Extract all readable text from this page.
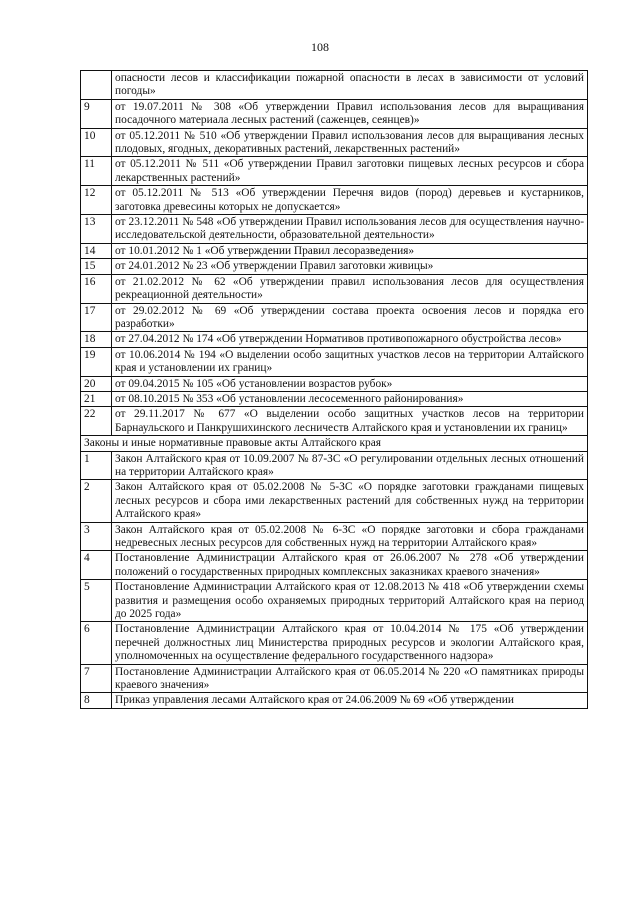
108
	опасности лесов и классификации пожарной опасности в лесах в зависимости от условий погоды»
9	от 19.07.2011 № 308 «Об утверждении Правил использования лесов для выращивания посадочного материала лесных растений (саженцев, сеянцев)»
10	от 05.12.2011 № 510 «Об утверждении Правил использования лесов для выращивания лесных плодовых, ягодных, декоративных растений, лекарственных растений»
11	от 05.12.2011 № 511 «Об утверждении Правил заготовки пищевых лесных ресурсов и сбора лекарственных растений»
12	от 05.12.2011 № 513 «Об утверждении Перечня видов (пород) деревьев и кустарников, заготовка древесины которых не допускается»
13	от 23.12.2011 № 548 «Об утверждении Правил использования лесов для осуществления научно-исследовательской деятельности, образовательной деятельности»
14	от 10.01.2012 № 1 «Об утверждении Правил лесоразведения»
15	от 24.01.2012 № 23 «Об утверждении Правил заготовки живицы»
16	от 21.02.2012 № 62 «Об утверждении правил использования лесов для осуществления рекреационной деятельности»
17	от 29.02.2012 № 69 «Об утверждении состава проекта освоения лесов и порядка его разработки»
18	от 27.04.2012 № 174 «Об утверждении Нормативов противопожарного обустройства лесов»
19	от 10.06.2014 № 194 «О выделении особо защитных участков лесов на территории Алтайского края и установлении их границ»
20	от 09.04.2015 № 105 «Об установлении возрастов рубок»
21	от 08.10.2015 № 353 «Об установлении лесосеменного районирования»
22	от 29.11.2017 № 677 «О выделении особо защитных участков лесов на территории Барнаульского и Панкрушихинского лесничеств Алтайского края и установлении их границ»
Законы и иные нормативные правовые акты Алтайского края	
1	Закон Алтайского края от 10.09.2007 № 87-ЗС «О регулировании отдельных лесных отношений на территории Алтайского края»
2	Закон Алтайского края от 05.02.2008 № 5-ЗС «О порядке заготовки гражданами пищевых лесных ресурсов и сбора ими лекарственных растений для собственных нужд на территории Алтайского края»
3	Закон Алтайского края от 05.02.2008 № 6-ЗС «О порядке заготовки и сбора гражданами недревесных лесных ресурсов для собственных нужд на территории Алтайского края»
4	Постановление Администрации Алтайского края от 26.06.2007 № 278 «Об утверждении положений о государственных природных комплексных заказниках краевого значения»
5	Постановление Администрации Алтайского края от 12.08.2013 № 418 «Об утверждении схемы развития и размещения особо охраняемых природных территорий Алтайского края на период до 2025 года»
6	Постановление Администрации Алтайского края от 10.04.2014 № 175 «Об утверждении перечней должностных лиц Министерства природных ресурсов и экологии Алтайского края, уполномоченных на осуществление федерального государственного надзора»
7	Постановление Администрации Алтайского края от 06.05.2014 № 220 «О памятниках природы краевого значения»
8	Приказ управления лесами Алтайского края от 24.06.2009 № 69 «Об утверждении
